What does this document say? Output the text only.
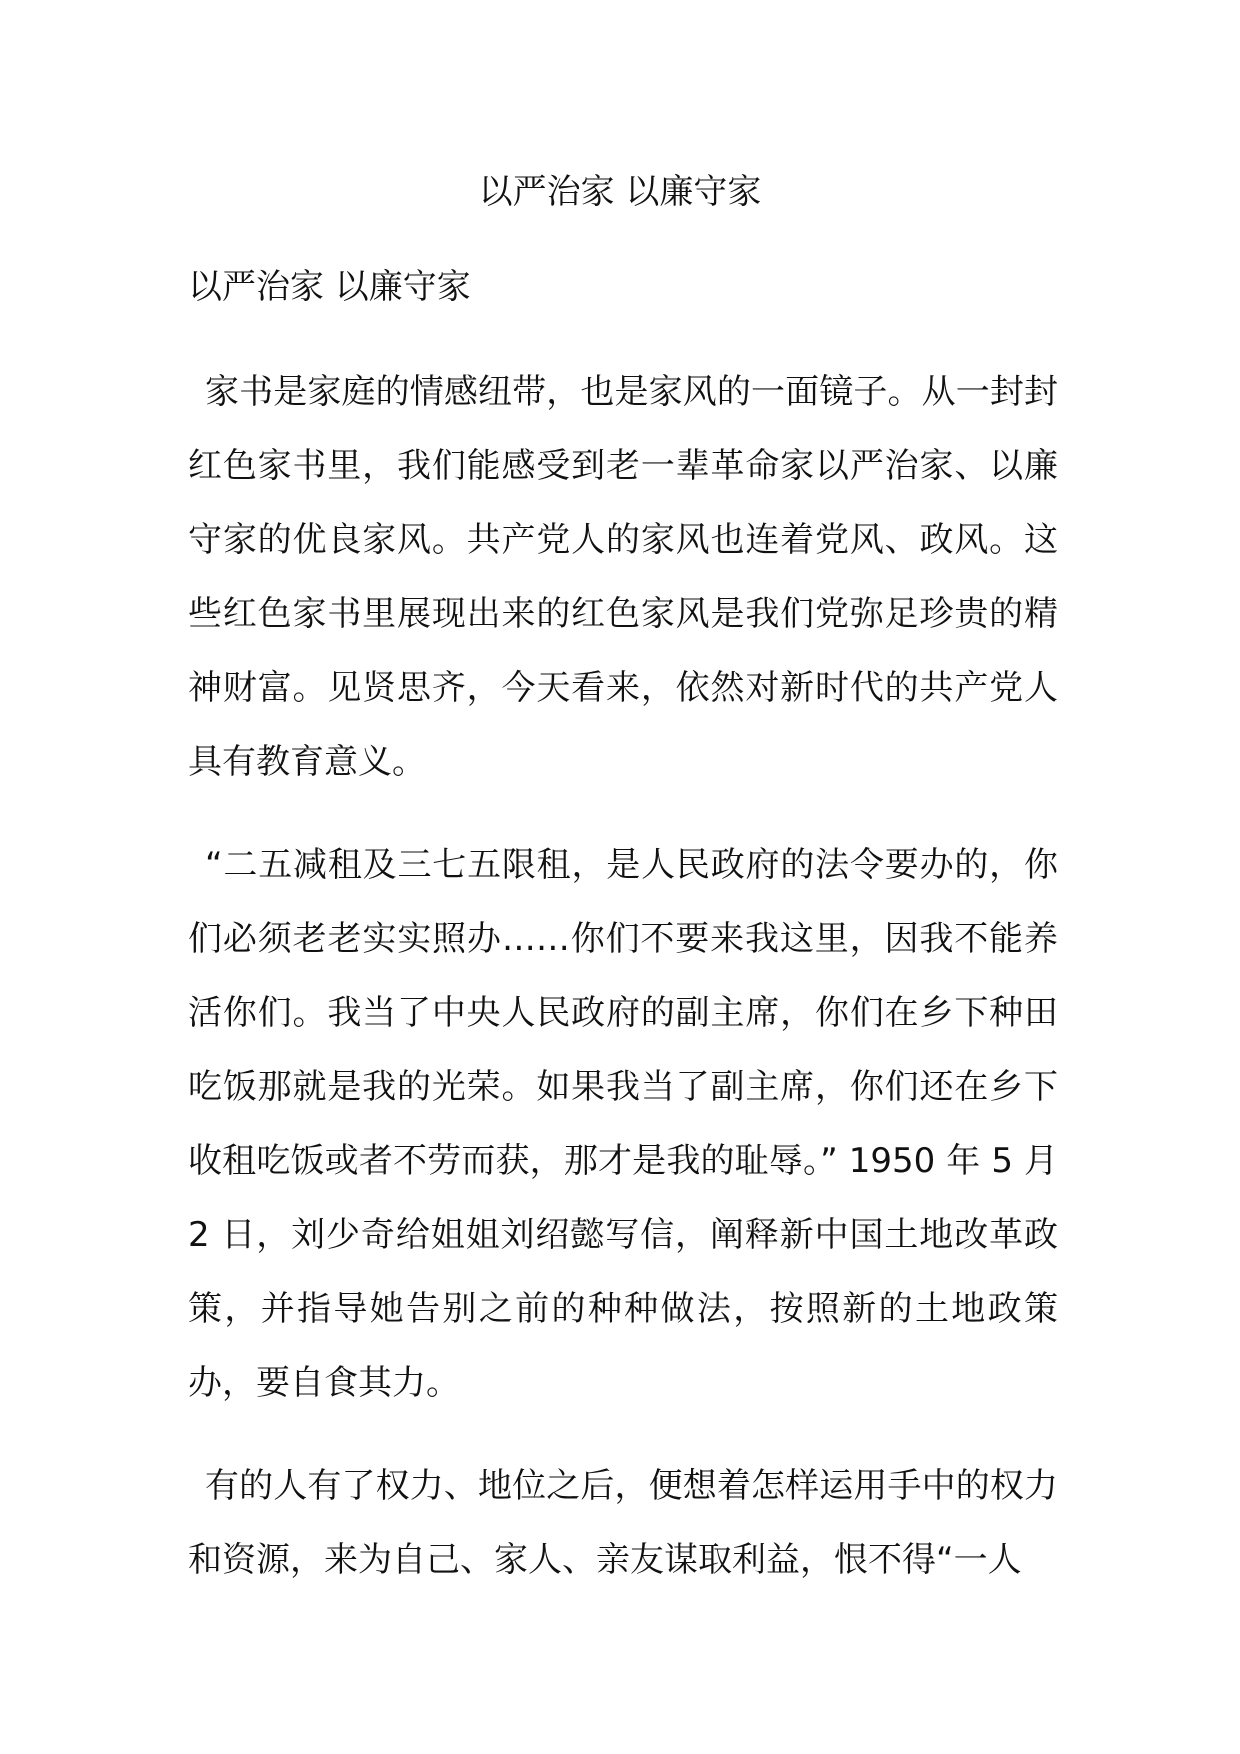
以严治家 以廉守家
以严治家 以廉守家

家书是家庭的情感纽带，也是家风的一面镜子。从一封封红色家书里，我们能感受到老一辈革命家以严治家、以廉守家的优良家风。共产党人的家风也连着党风、政风。这些红色家书里展现出来的红色家风是我们党弥足珍贵的精神财富。见贤思齐，今天看来，依然对新时代的共产党人具有教育意义。

“二五减租及三七五限租，是人民政府的法令要办的，你们必须老老实实照办……你们不要来我这里，因我不能养活你们。我当了中央人民政府的副主席，你们在乡下种田吃饭那就是我的光荣。如果我当了副主席，你们还在乡下收租吃饭或者不劳而获，那才是我的耻辱。” 1950 年 5 月 2 日，刘少奇给姐姐刘绍懿写信，阐释新中国土地改革政策，并指导她告别之前的种种做法，按照新的土地政策办，要自食其力。

有的人有了权力、地位之后，便想着怎样运用手中的权力和资源，来为自己、家人、亲友谋取利益，恨不得“一人
